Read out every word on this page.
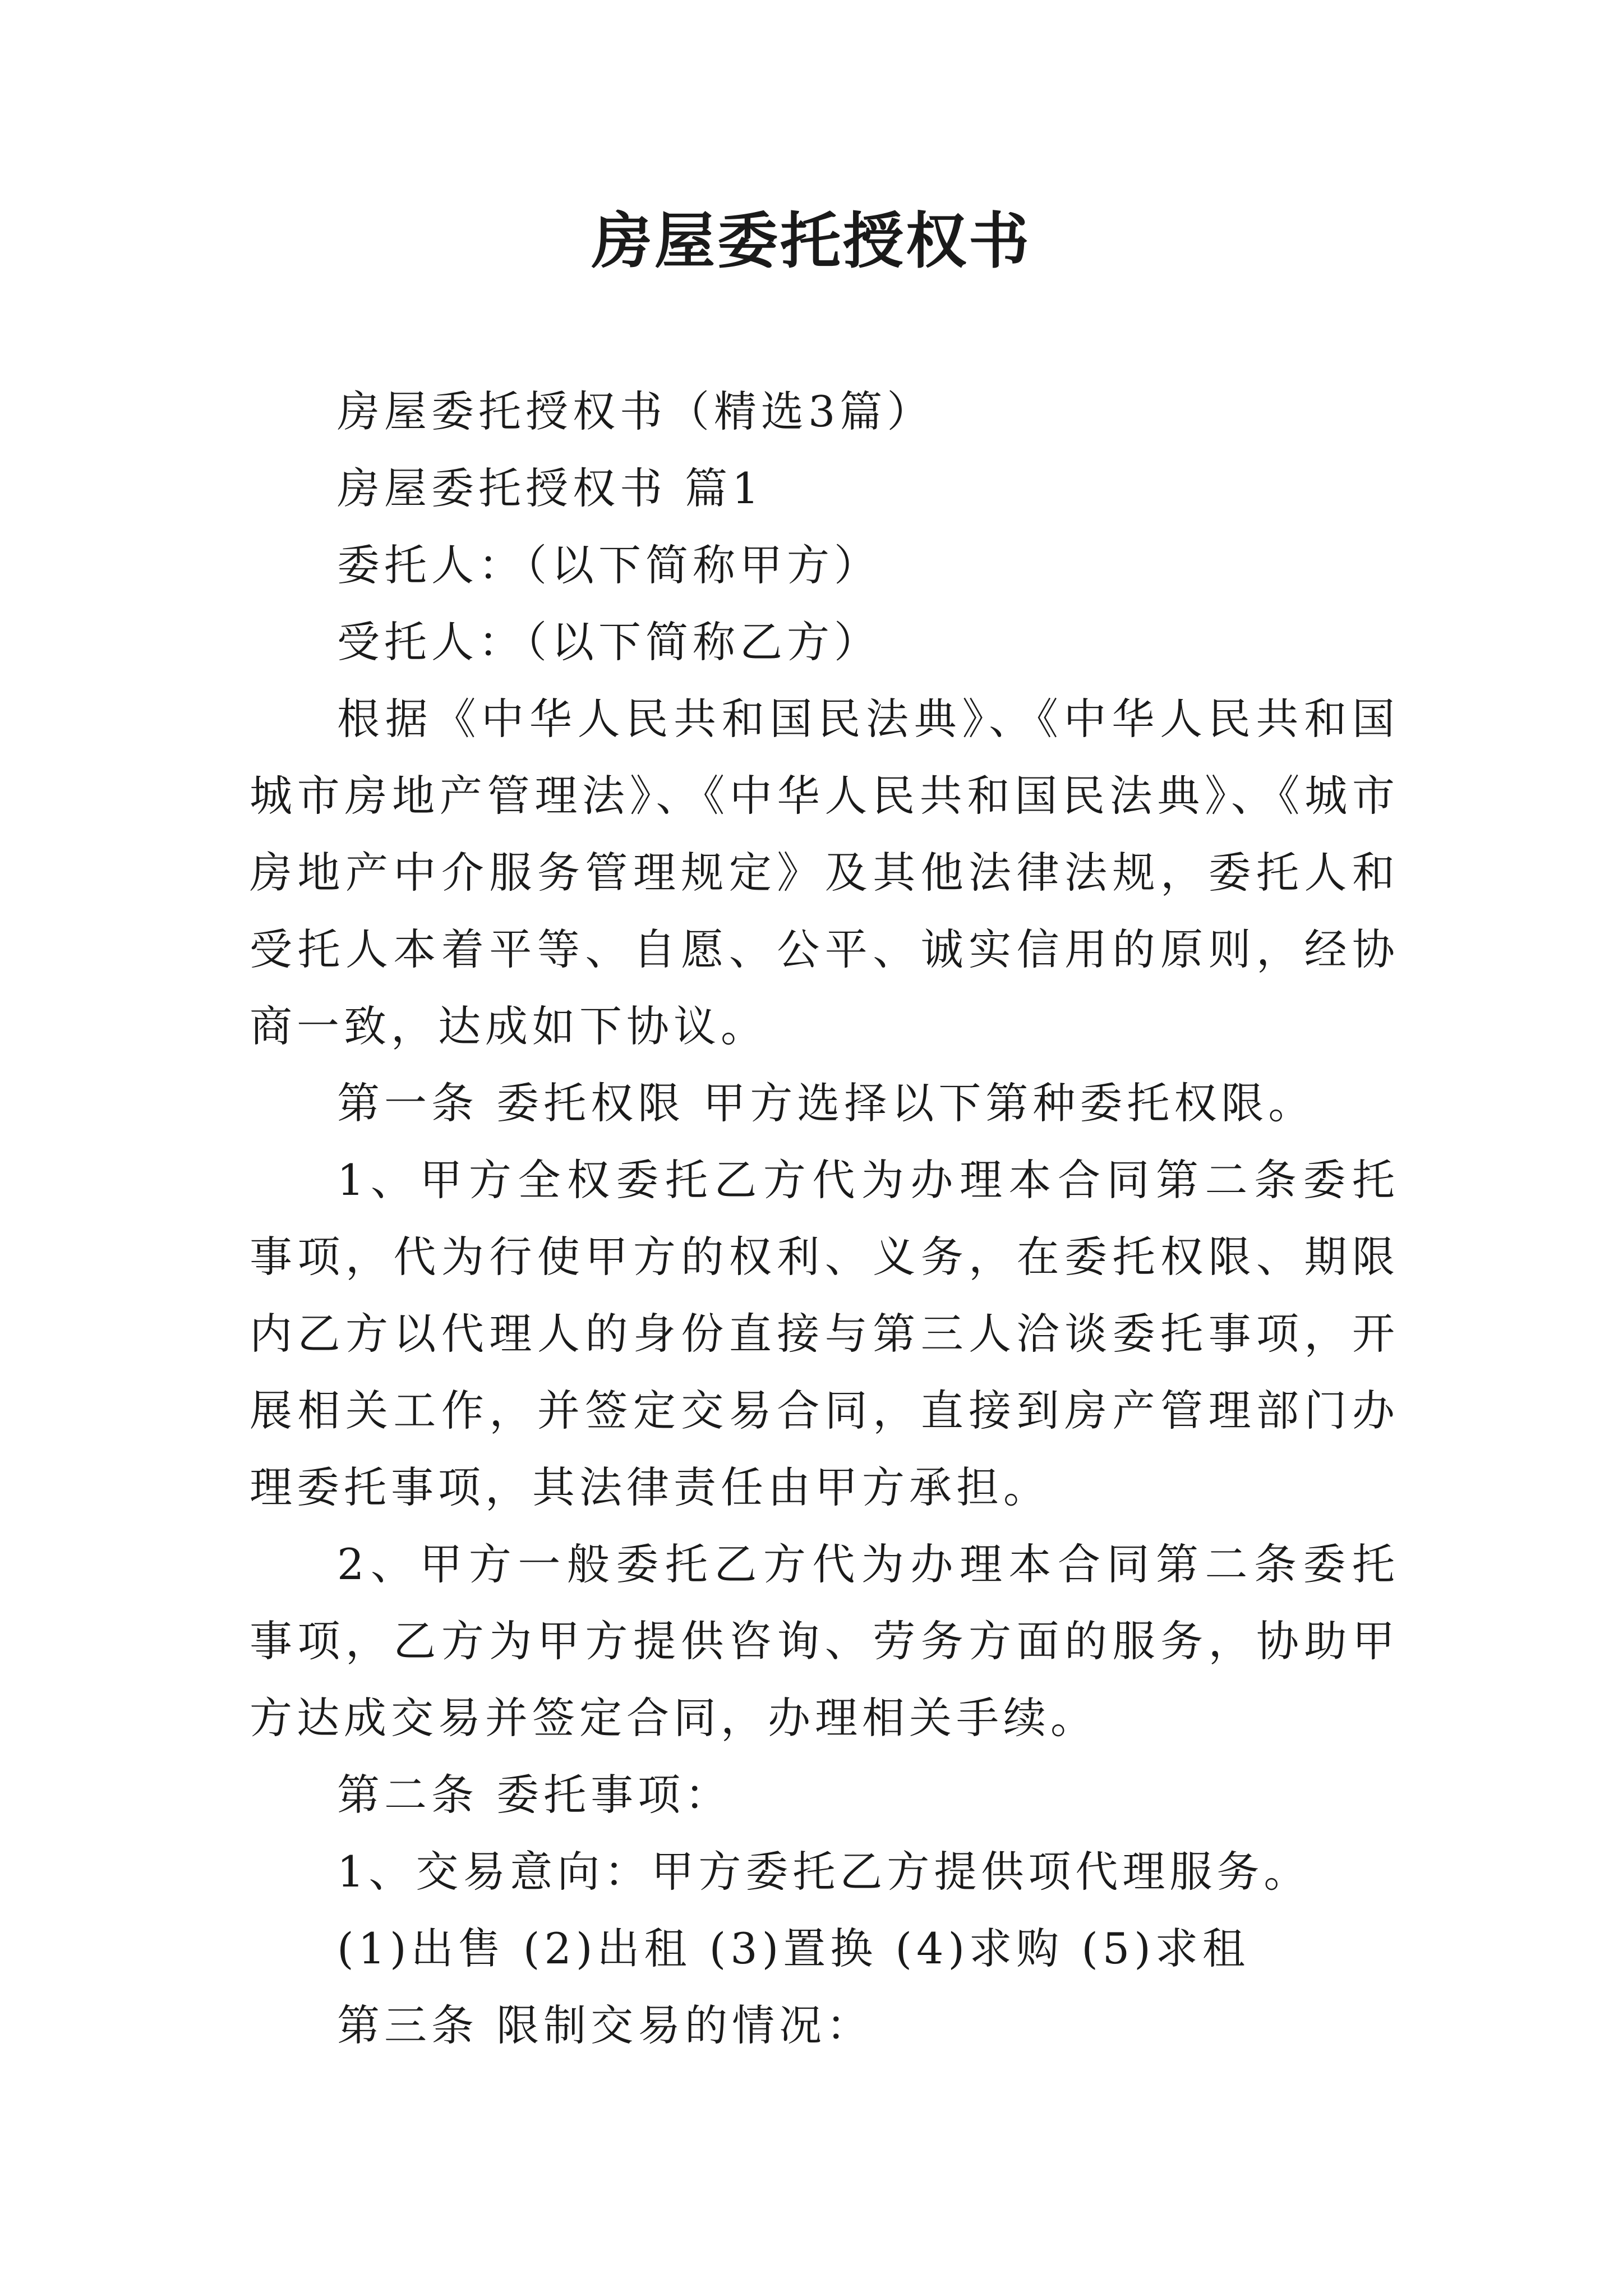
房屋委托授权书

房屋委托授权书（精选3篇）

房屋委托授权书 篇1

委托人：（以下简称甲方）

受托人：（以下简称乙方）

根据《中华人民共和国民法典》、《中华人民共和国城市房地产管理法》、《中华人民共和国民法典》、《城市房地产中介服务管理规定》及其他法律法规，委托人和受托人本着平等、自愿、公平、诚实信用的原则，经协商一致，达成如下协议。

第一条 委托权限 甲方选择以下第种委托权限。

1、甲方全权委托乙方代为办理本合同第二条委托事项，代为行使甲方的权利、义务，在委托权限、期限内乙方以代理人的身份直接与第三人洽谈委托事项，开展相关工作，并签定交易合同，直接到房产管理部门办理委托事项，其法律责任由甲方承担。

2、甲方一般委托乙方代为办理本合同第二条委托事项，乙方为甲方提供咨询、劳务方面的服务，协助甲方达成交易并签定合同，办理相关手续。

第二条 委托事项：

1、交易意向：甲方委托乙方提供项代理服务。

(1)出售 (2)出租 (3)置换 (4)求购 (5)求租

第三条 限制交易的情况：
